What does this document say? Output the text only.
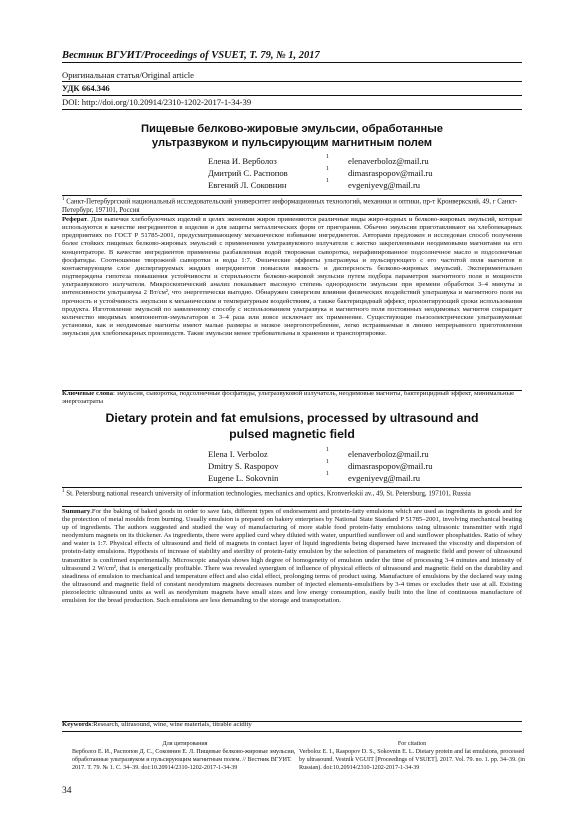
Вестник ВГУИТ/Proceedings of VSUET, Т. 79, № 1, 2017
Оригинальная статья/Original article
УДК 664.346
DOI: http://doi.org/10.20914/2310-1202-2017-1-34-39
Пищевые белково-жировые эмульсии, обработанные
ультразвуком и пульсирующим магнитным полем
Елена И. Верболоз	1 elenaverboloz@mail.ru
Дмитрий С. Распопов	1 dimasraspopov@mail.ru
Евгений Л. Соковнин	1 evgeniyevg@mail.ru
$^1$ Санкт-Петербургский национальный исследовательский университет информационных технологий, механики и оптики, пр-т Кронверкский, 49, г Санкт-Петербург, 197101, Россия
Реферат. Для выпечки хлебобулочных изделий в целях экономии жиров применяются различные виды жиро-водных и белково-жировых эмульсий, которые используются в качестве ингредиентов в изделия и для защиты металлических форм от пригорания. Обычно эмульсии приготавливают на хлебопекарных предприятиях по ГОСТ Р 51785-2001, предусматривающему механическое взбивание ингредиентов. Авторами предложен и исследован способ получения более стойких пищевых белково-жировых эмульсий с применением ультразвукового излучателя с жестко закрепленными неодимовыми магнитами на его концентраторе. В качестве ингредиентов применены разбавленная водой творожная сыворотка, нерафинированное подсолнечное масло и подсолнечные фосфатиды. Соотношение творожной сыворотки и воды 1:7. Физические эффекты ультразвука и пульсирующего с его частотой поля магнитов в контактирующем слое диспергируемых жидких ингредиентов повысили вязкость и дисперсность белково-жировых эмульсий. Экспериментально подтверждена гипотеза повышения устойчивости и стерильности белково-жировой эмульсии путем подбора параметров магнитного поля и мощности ультразвукового излучателя. Микроскопический анализ показывает высокую степень однородности эмульсии при времени обработки 3–4 минуты и интенсивности ультразвука 2 Вт/см², что энергетически выгодно. Обнаружен синергизм влияния физических воздействий ультразвука и магнитного поля на прочность и устойчивость эмульсии к механическим и температурным воздействиям, а также бактерицидный эффект, пролонгирующий сроки использования продукта. Изготовление эмульсий по заявленному способу с использованием ультразвука и магнитного поля постоянных неодимовых магнитов сокращает количество вводимых компонентов-эмульгаторов в 3–4 раза или вовсе исключает их применение. Существующие пьезоэлектрические ультразвуковые установки, как и неодимовые магниты имеют малые размеры и низкое энергопотребление, легко встраиваемые в линию непрерывного приготовления эмульсии для хлебопекарных производств. Такие эмульсии менее требовательны в хранении и транспортировке.
Ключевые слова: эмульсия, сыворотка, подсолнечные фосфатиды, ультразвуковой излучатель, неодимовые магниты, бактерицидный эффект, минимальные энергозатраты
Dietary protein and fat emulsions, processed by ultrasound and
pulsed magnetic field
Elena I. Verboloz	1 elenaverboloz@mail.ru
Dmitry S. Raspopov	1 dimasraspopov@mail.ru
Eugene L. Sokovnin	1 evgeniyevg@mail.ru
$^1$ St. Petersburg national research university of information technologies, mechanics and optics, Kronverkskii av., 49, St. Petersburg, 197101, Russia
Summary.For the baking of baked goods in order to save fats, different types of endorsement and protein-fatty emulsions which are used as ingredients in goods and for the protection of metal moulds from burning. Usually emulsion is prepared on bakery enterprises by National State Standard P 51785–2001, involving mechanical beating up of ingredients. The authors suggested and studied the way of manufacturing of more stable food protein-fatty emulsions using ultrasonic transmitter with rigid neodymium magnets on its thickener. As ingredients, there were applied curd whey diluted with water, unpurified sunflower oil and sunflower phosphatides. Ratio of whey and water is 1:7. Physical effects of ultrasound and field of magnets in contact layer of liquid ingredients being dispersed have increased the viscosity and dispersion of protein-fatty emulsions. Hypothesis of increase of stability and sterility of protein-fatty emulsion by the selection of parameters of magnetic field and power of ultrasound transmitter is confirmed experimentally. Microscopic analysis shows high degree of homogeneity of emulsion under the time of processing 3-4 minutes and intensity of ultrasound 2 W/cm², that is energetically profitable. There was revealed synergism of influence of physical effects of ultrasound and magnetic field on the durability and steadiness of emulsion to mechanical and temperature effect and also cidal effect, prolonging terms of product using. Manufacture of emulsions by the declared way using the ultrasound and magnetic field of constant neodymium magnets decreases number of injected elements-emulsifiers by 3-4 times or excludes their use at all. Existing piezoelectric ultrasound units as well as neodymium magnets have small sizes and low energy consumption, easily built into the line of continuous manufacture of emulsion for the bread production. Such emulsions are less demanding to the storage and transportation.
Keywords:Research, ultrasound, wine, wine materials, titrable acidity
Для цитирования
Верболоз Е. И., Распопов Д. С., Соковнин Е. Л. Пищевые белково-жировые эмульсии, обработанные ультразвуком и пульсирующим магнитным полем. // Вестник ВГУИТ. 2017. Т. 79. № 1. С. 34–39. doi:10.20914/2310-1202-2017-1-34-39
For citation
Verboloz E. I., Raspopov D. S., Sokovnin E. L. Dietary protein and fat emulsions, processed by ultrasound. Vestnik VGUIT [Proceedings of VSUET]. 2017. Vol. 79. no. 1. pp. 34–39. (in Russian). doi:10.20914/2310-1202-2017-1-34-39
34
